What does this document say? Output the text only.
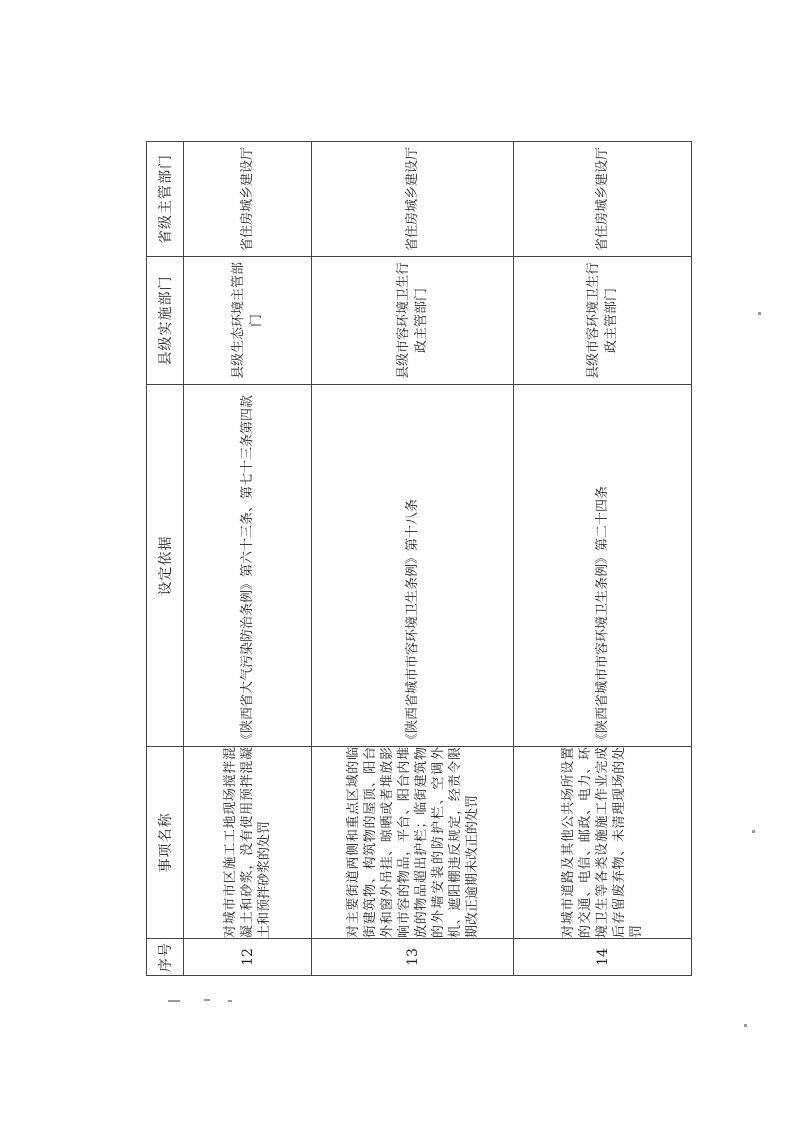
序号	事项名称	设定依据	县级实施部门	省级主管部门
12	对城市市区施工工地现场搅拌混凝土和砂浆，没有使用预拌混凝土和预拌砂浆的处罚	《陕西省大气污染防治条例》第六十三条、第七十三条第四款	县级生态环境主管部门	省住房城乡建设厅
13	对主要街道两侧和重点区域的临街建筑物、构筑物的屋顶、阳台外和窗外吊挂、晾晒或者堆放影响市容的物品，平台、阳台内堆放的物品超出护栏；临街建筑物的外墙安装的防护栏、空调外机、遮阳棚违反规定，经责令限期改正逾期未改正的处罚	《陕西省城市市容环境卫生条例》第十八条	县级市容环境卫生行政主管部门	省住房城乡建设厅
14	对城市道路及其他公共场所设置的交通、电信、邮政、电力、环境卫生等各类设施施工作业完成后存留废弃物、未清理现场的处罚	《陕西省城市市容环境卫生条例》第二十四条	县级市容环境卫生行政主管部门	省住房城乡建设厅
